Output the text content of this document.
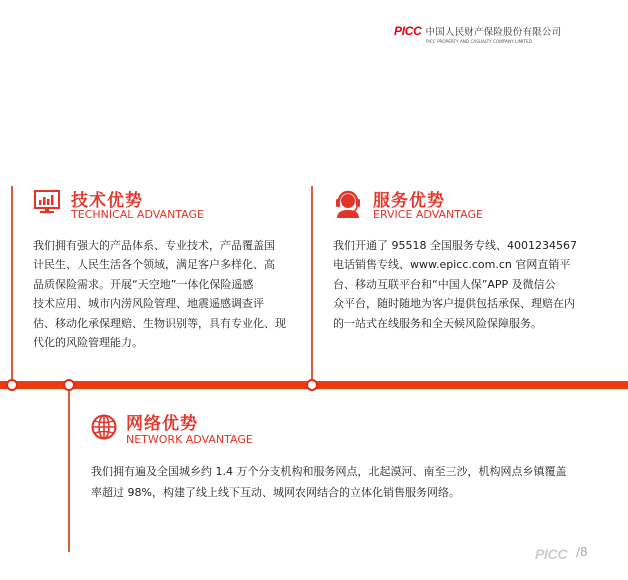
PICC 中国人民财产保险股份有限公司
PICC PROPERTY AND CASUALTY COMPANY LIMITED
技术优势
TECHNICAL ADVANTAGE
我们拥有强大的产品体系、专业技术，产品覆盖国
计民生、人民生活各个领域，满足客户多样化、高
品质保险需求。开展“天空地”一体化保险遥感
技术应用、城市内涝风险管理、地震遥感调查评
估、移动化承保理赔、生物识别等，具有专业化、现
代化的风险管理能力。
服务优势
ERVICE ADVANTAGE
我们开通了 95518 全国服务专线、4001234567
电话销售专线、www.epicc.com.cn 官网直销平
台、移动互联平台和“中国人保”APP 及微信公
众平台，随时随地为客户提供包括承保、理赔在内
的一站式在线服务和全天候风险保障服务。
网络优势
NETWORK ADVANTAGE
我们拥有遍及全国城乡约 1.4 万个分支机构和服务网点，北起漠河、南至三沙，机构网点乡镇覆盖
率超过 98%，构建了线上线下互动、城网农网结合的立体化销售服务网络。
PICC /8
